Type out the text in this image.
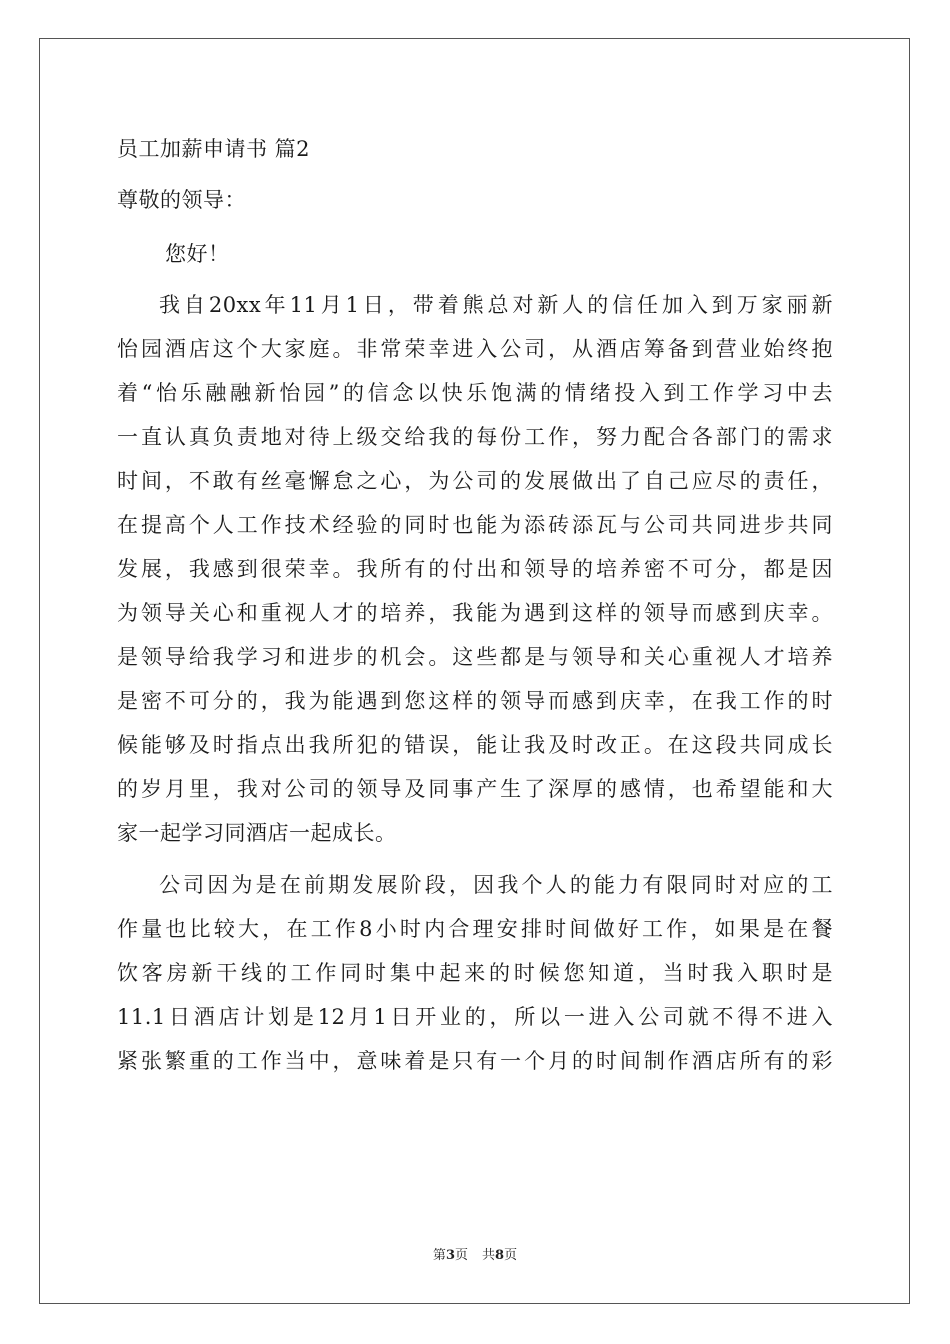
员工加薪申请书 篇2
尊敬的领导：
您好！
我自20xx年11月1日，带着熊总对新人的信任加入到万家丽新
怡园酒店这个大家庭。非常荣幸进入公司，从酒店筹备到营业始终抱
着“怡乐融融新怡园”的信念以快乐饱满的情绪投入到工作学习中去
一直认真负责地对待上级交给我的每份工作，努力配合各部门的需求
时间，不敢有丝毫懈怠之心，为公司的发展做出了自己应尽的责任，
在提高个人工作技术经验的同时也能为添砖添瓦与公司共同进步共同
发展，我感到很荣幸。我所有的付出和领导的培养密不可分，都是因
为领导关心和重视人才的培养，我能为遇到这样的领导而感到庆幸。
是领导给我学习和进步的机会。这些都是与领导和关心重视人才培养
是密不可分的，我为能遇到您这样的领导而感到庆幸，在我工作的时
候能够及时指点出我所犯的错误，能让我及时改正。在这段共同成长
的岁月里，我对公司的领导及同事产生了深厚的感情，也希望能和大
家一起学习同酒店一起成长。
公司因为是在前期发展阶段，因我个人的能力有限同时对应的工
作量也比较大，在工作8小时内合理安排时间做好工作，如果是在餐
饮客房新干线的工作同时集中起来的时候您知道，当时我入职时是
11.1日酒店计划是12月1日开业的，所以一进入公司就不得不进入
紧张繁重的工作当中，意味着是只有一个月的时间制作酒店所有的彩
第3页 共8页
